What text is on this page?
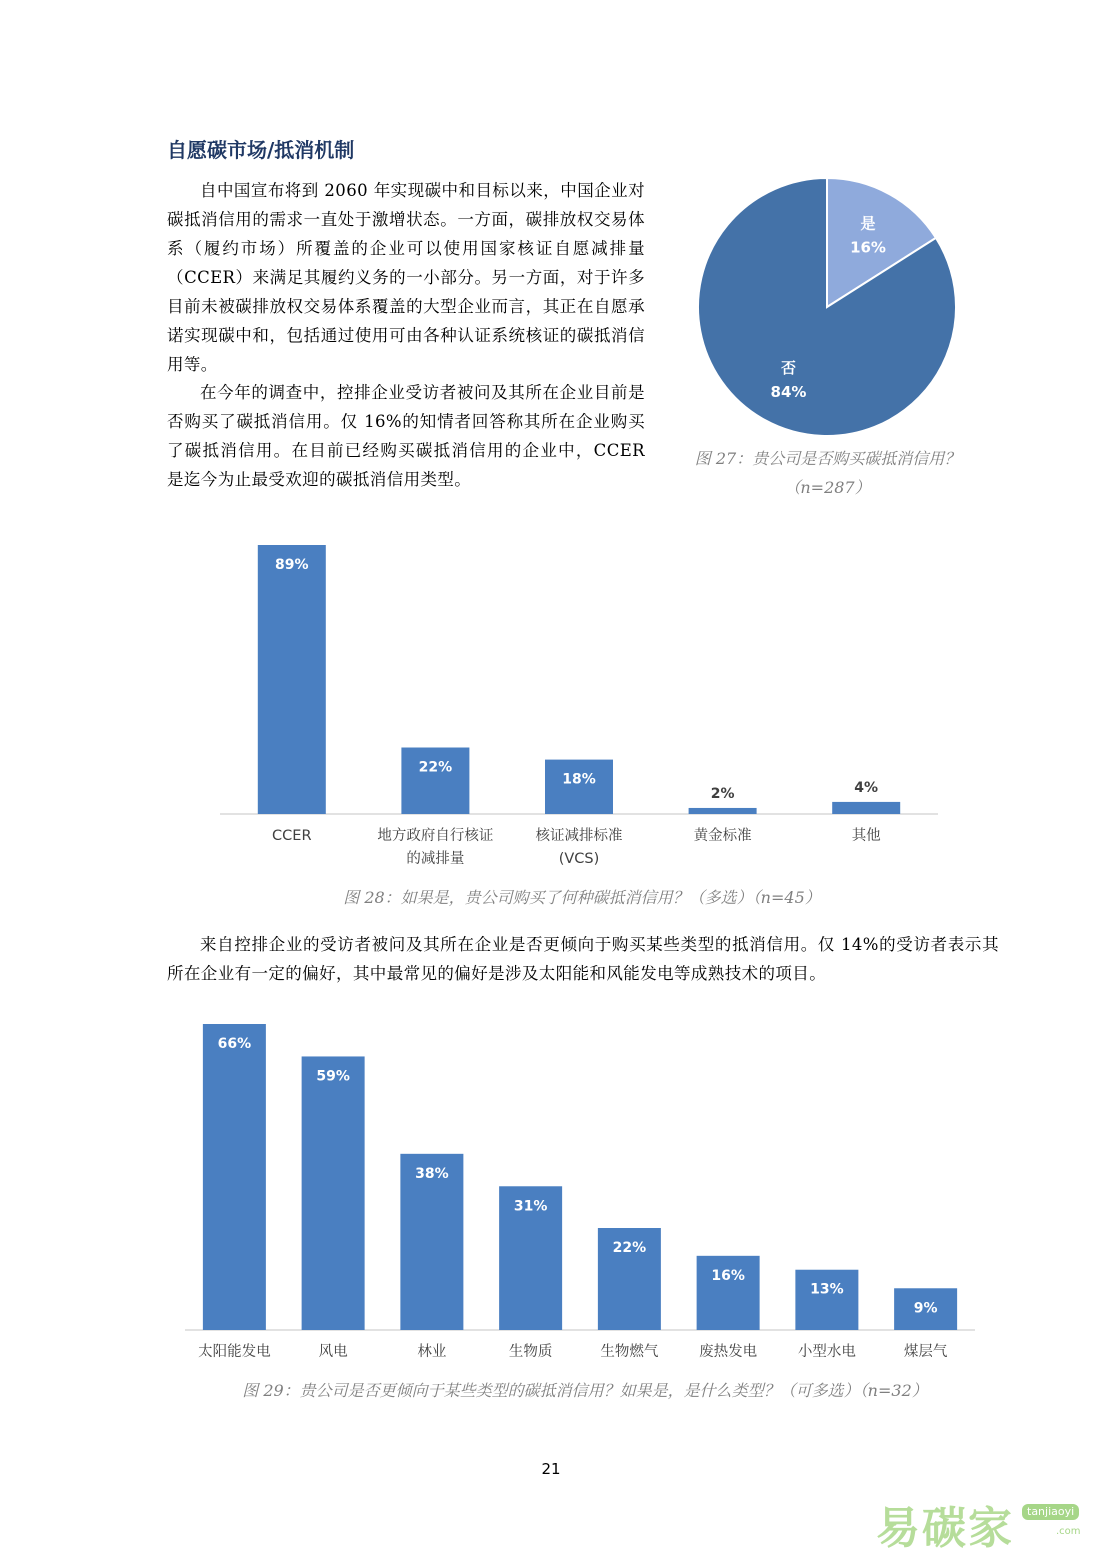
自愿碳市场/抵消机制

自中国宣布将到 2060 年实现碳中和目标以来，中国企业对碳抵消信用的需求一直处于激增状态。一方面，碳排放权交易体系（履约市场）所覆盖的企业可以使用国家核证自愿减排量（CCER）来满足其履约义务的一小部分。另一方面，对于许多目前未被碳排放权交易体系覆盖的大型企业而言，其正在自愿承诺实现碳中和，包括通过使用可由各种认证系统核证的碳抵消信用等。

在今年的调查中，控排企业受访者被问及其所在企业目前是否购买了碳抵消信用。仅 16%的知情者回答称其所在企业购买了碳抵消信用。在目前已经购买碳抵消信用的企业中，CCER 是迄今为止最受欢迎的碳抵消信用类型。

是
16%
否
84%

图 27：贵公司是否购买碳抵消信用？

（n=287）

89%
CCER
22%
地方政府自行核证
的减排量
18%
核证减排标准
(VCS)
2%
黄金标准
4%
其他

图 28：如果是，贵公司购买了何种碳抵消信用？（多选）（n=45）

来自控排企业的受访者被问及其所在企业是否更倾向于购买某些类型的抵消信用。仅 14%的受访者表示其所在企业有一定的偏好，其中最常见的偏好是涉及太阳能和风能发电等成熟技术的项目。

66%
太阳能发电
59%
风电
38%
林业
31%
生物质
22%
生物燃气
16%
废热发电
13%
小型水电
9%
煤层气

图 29：贵公司是否更倾向于某些类型的碳抵消信用？如果是，是什么类型？（可多选）（n=32）

21

易碳家	tanjiaoyi
.com
